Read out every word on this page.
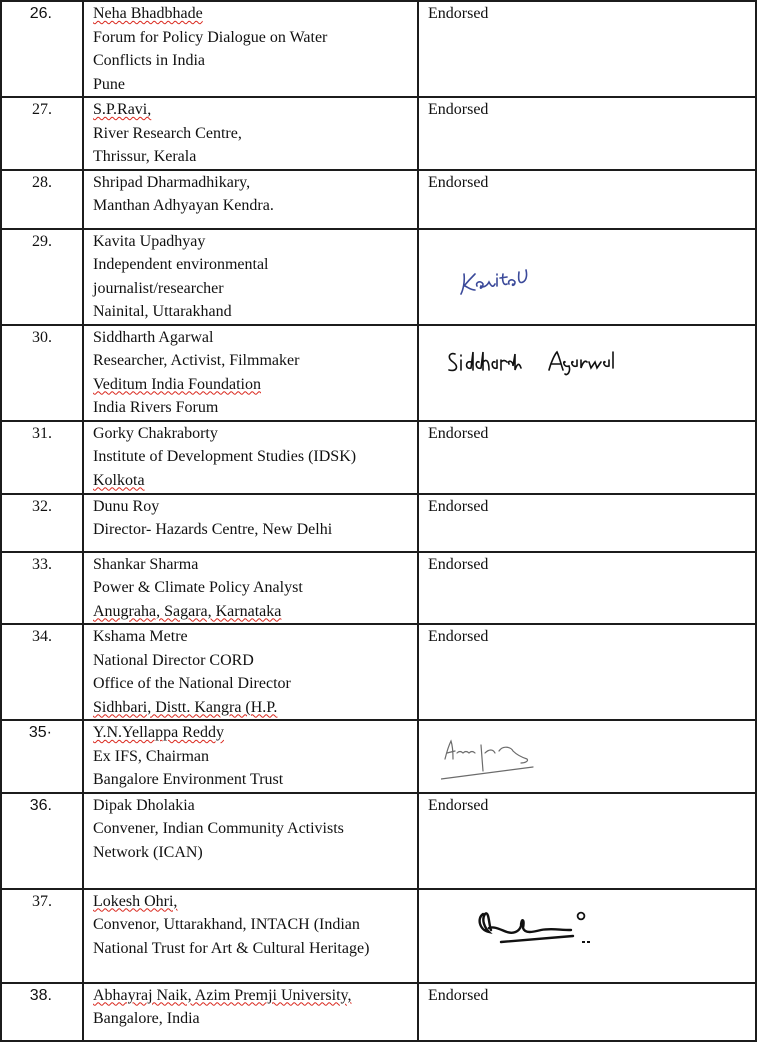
26.	Neha Bhadbhade
Forum for Policy Dialogue on Water
Conflicts in India
Pune	Endorsed

27.	S.P.Ravi,
River Research Centre,
Thrissur, Kerala	Endorsed

28.	Shripad Dharmadhikary,
Manthan Adhyayan Kendra.	Endorsed

29.	Kavita Upadhyay
Independent environmental
journalist/researcher
Nainital, Uttarakhand

30.	Siddharth Agarwal
Researcher, Activist, Filmmaker
Veditum India Foundation
India Rivers Forum

31.	Gorky Chakraborty
Institute of Development Studies (IDSK)
Kolkota	Endorsed

32.	Dunu Roy
Director- Hazards Centre, New Delhi	Endorsed

33.	Shankar Sharma
Power & Climate Policy Analyst
Anugraha, Sagara, Karnataka	Endorsed

34.	Kshama Metre
National Director CORD
Office of the National Director
Sidhbari, Distt. Kangra (H.P.	Endorsed

35·	Y.N.Yellappa Reddy
Ex IFS, Chairman
Bangalore Environment Trust

36.	Dipak Dholakia
Convener, Indian Community Activists
Network (ICAN)	Endorsed

37.	Lokesh Ohri,
Convenor, Uttarakhand, INTACH (Indian
National Trust for Art & Cultural Heritage)

38.	Abhayraj Naik, Azim Premji University,
Bangalore, India	Endorsed
